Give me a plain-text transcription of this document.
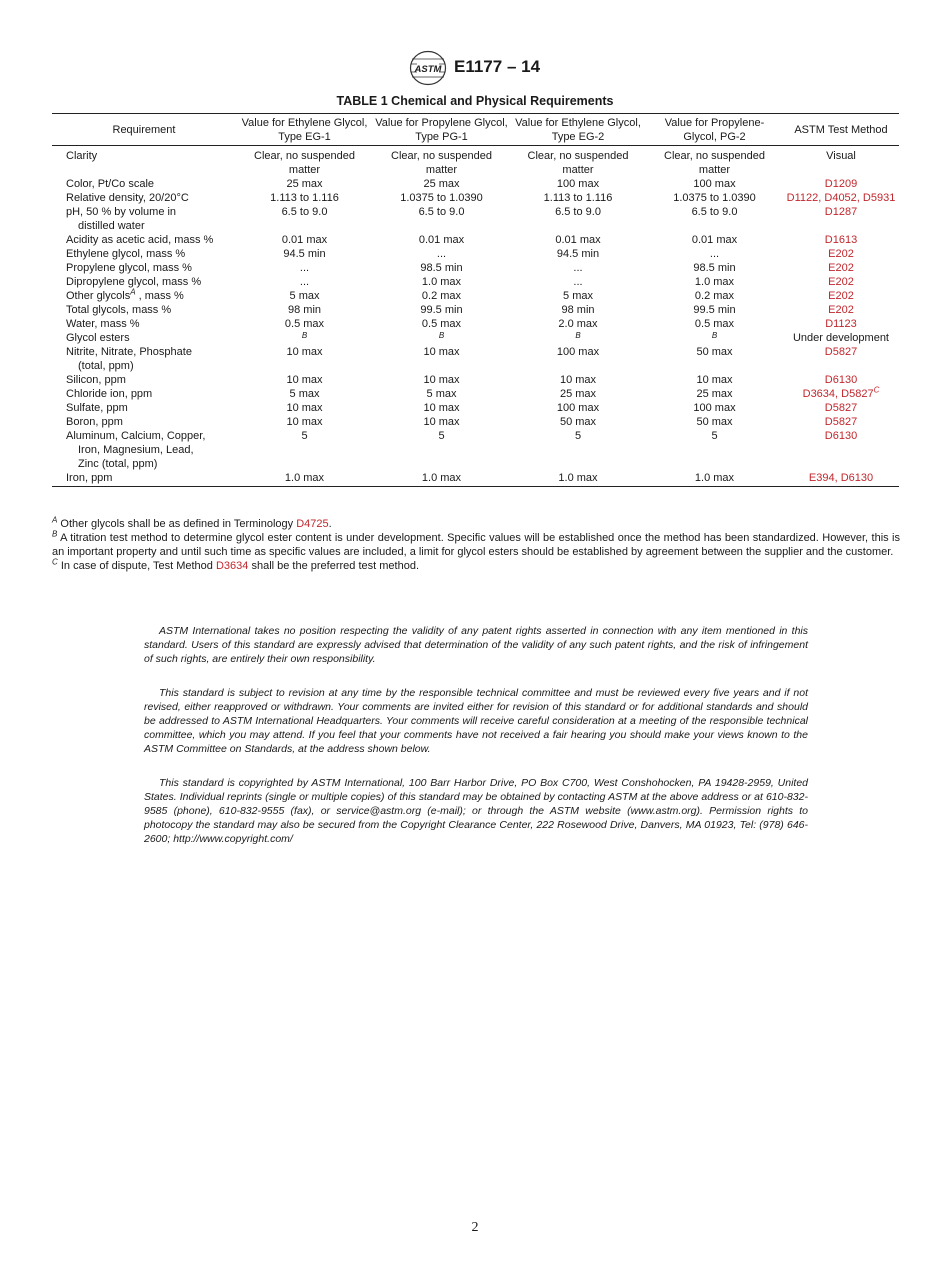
ASTM E1177 – 14
TABLE 1 Chemical and Physical Requirements
Requirement	Value for Ethylene Glycol, Type EG-1	Value for Propylene Glycol, Type PG-1	Value for Ethylene Glycol, Type EG-2	Value for Propylene-Glycol, PG-2	ASTM Test Method
Clarity	Clear, no suspended matter	Clear, no suspended matter	Clear, no suspended matter	Clear, no suspended matter	Visual
Color, Pt/Co scale	25 max	25 max	100 max	100 max	D1209
Relative density, 20/20°C	1.113 to 1.116	1.0375 to 1.0390	1.113 to 1.116	1.0375 to 1.0390	D1122, D4052, D5931
pH, 50 % by volume in
distilled water	6.5 to 9.0	6.5 to 9.0	6.5 to 9.0	6.5 to 9.0	D1287
Acidity as acetic acid, mass %	0.01 max	0.01 max	0.01 max	0.01 max	D1613
Ethylene glycol, mass %	94.5 min	...	94.5 min	...	E202
Propylene glycol, mass %	...	98.5 min	...	98.5 min	E202
Dipropylene glycol, mass %	...	1.0 max	...	1.0 max	E202
Other glycols$^A$ , mass %	5 max	0.2 max	5 max	0.2 max	E202
Total glycols, mass %	98 min	99.5 min	98 min	99.5 min	E202
Water, mass %	0.5 max	0.5 max	2.0 max	0.5 max	D1123
Glycol esters	B	B	B	B	Under development
Nitrite, Nitrate, Phosphate
(total, ppm)	10 max	10 max	100 max	50 max	D5827
Silicon, ppm	10 max	10 max	10 max	10 max	D6130
Chloride ion, ppm	5 max	5 max	25 max	25 max	D3634, D5827$^C$
Sulfate, ppm	10 max	10 max	100 max	100 max	D5827
Boron, ppm	10 max	10 max	50 max	50 max	D5827
Aluminum, Calcium, Copper,
Iron, Magnesium, Lead,
Zinc (total, ppm)	5	5	5	5	D6130
Iron, ppm	1.0 max	1.0 max	1.0 max	1.0 max	E394, D6130

$^A$ Other glycols shall be as defined in Terminology D4725.

$^B$ A titration test method to determine glycol ester content is under development. Specific values will be established once the method has been standardized. However, this is an important property and until such time as specific values are included, a limit for glycol esters should be established by agreement between the supplier and the customer.

$^C$ In case of dispute, Test Method D3634 shall be the preferred test method.

ASTM International takes no position respecting the validity of any patent rights asserted in connection with any item mentioned in this standard. Users of this standard are expressly advised that determination of the validity of any such patent rights, and the risk of infringement of such rights, are entirely their own responsibility.

This standard is subject to revision at any time by the responsible technical committee and must be reviewed every five years and if not revised, either reapproved or withdrawn. Your comments are invited either for revision of this standard or for additional standards and should be addressed to ASTM International Headquarters. Your comments will receive careful consideration at a meeting of the responsible technical committee, which you may attend. If you feel that your comments have not received a fair hearing you should make your views known to the ASTM Committee on Standards, at the address shown below.

This standard is copyrighted by ASTM International, 100 Barr Harbor Drive, PO Box C700, West Conshohocken, PA 19428-2959, United States. Individual reprints (single or multiple copies) of this standard may be obtained by contacting ASTM at the above address or at 610-832-9585 (phone), 610-832-9555 (fax), or service@astm.org (e-mail); or through the ASTM website (www.astm.org). Permission rights to photocopy the standard may also be secured from the Copyright Clearance Center, 222 Rosewood Drive, Danvers, MA 01923, Tel: (978) 646-2600; http://www.copyright.com/

2
